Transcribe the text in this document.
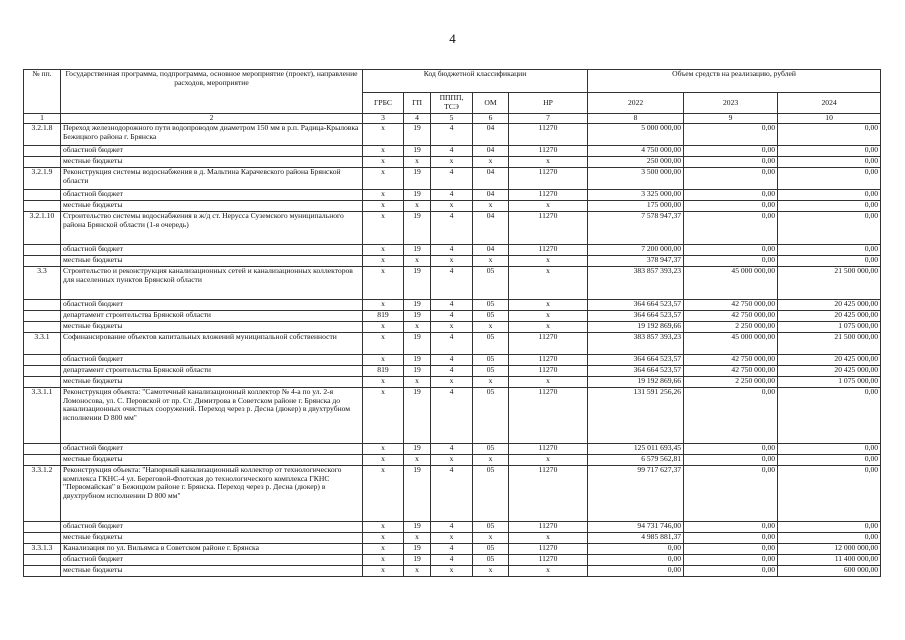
4
№ пп.	Государственная программа, подпрограмма, основное мероприятие (проект), направление расходов, мероприятие	Код бюджетной классификации					Объем средств на реализацию, рублей		
		ГРБС	ГП	ПППП, ТСЭ	ОМ	НР	2022	2023	2024
1	2	3	4	5	6	7	8	9	10
3.2.1.8	Переход железнодорожного пути водопроводом диаметром 150 мм в р.п. Радица-Крыловка Бежицкого района г. Брянска	x	19	4	04	11270	5 000 000,00	0,00	0,00
	областной бюджет	x	19	4	04	11270	4 750 000,00	0,00	0,00
	местные бюджеты	x	x	x	x	x	250 000,00	0,00	0,00
3.2.1.9	Реконструкция системы водоснабжения в д. Мальтина Карачевского района Брянской области	x	19	4	04	11270	3 500 000,00	0,00	0,00
	областной бюджет	x	19	4	04	11270	3 325 000,00	0,00	0,00
	местные бюджеты	x	x	x	x	x	175 000,00	0,00	0,00
3.2.1.10	Строительство системы водоснабжения в ж/д ст. Нерусса Суземского муниципального района Брянской области (1-я очередь)	x	19	4	04	11270	7 578 947,37	0,00	0,00
	областной бюджет	x	19	4	04	11270	7 200 000,00	0,00	0,00
	местные бюджеты	x	x	x	x	x	378 947,37	0,00	0,00
3.3	Строительство и реконструкция канализационных сетей и канализационных коллекторов для населенных пунктов Брянской области	x	19	4	05	x	383 857 393,23	45 000 000,00	21 500 000,00
	областной бюджет	x	19	4	05	x	364 664 523,57	42 750 000,00	20 425 000,00
	департамент строительства Брянской области	819	19	4	05	x	364 664 523,57	42 750 000,00	20 425 000,00
	местные бюджеты	x	x	x	x	x	19 192 869,66	2 250 000,00	1 075 000,00
3.3.1	Софинансирование объектов капитальных вложений муниципальной собственности	x	19	4	05	11270	383 857 393,23	45 000 000,00	21 500 000,00
	областной бюджет	x	19	4	05	11270	364 664 523,57	42 750 000,00	20 425 000,00
	департамент строительства Брянской области	819	19	4	05	11270	364 664 523,57	42 750 000,00	20 425 000,00
	местные бюджеты	x	x	x	x	x	19 192 869,66	2 250 000,00	1 075 000,00
3.3.1.1	Реконструкция объекта: "Самотечный канализационный коллектор № 4-а по ул. 2-я Ломоносова, ул. С. Перовской от пр. Ст. Димитрова в Советском районе г. Брянска до канализационных очистных сооружений. Переход через р. Десна (дюкер) в двухтрубном исполнении D 800 мм"	x	19	4	05	11270	131 591 256,26	0,00	0,00
	областной бюджет	x	19	4	05	11270	125 011 693,45	0,00	0,00
	местные бюджеты	x	x	x	x	x	6 579 562,81	0,00	0,00
3.3.1.2	Реконструкция объекта: "Напорный канализационный коллектор от технологического комплекса ГКНС-4 ул. Береговой-Флотская до технологического комплекса ГКНС "Первомайская" в Бежицком районе г. Брянска. Переход через р. Десна (дюкер) в двухтрубном исполнении D 800 мм"	x	19	4	05	11270	99 717 627,37	0,00	0,00
	областной бюджет	x	19	4	05	11270	94 731 746,00	0,00	0,00
	местные бюджеты	x	x	x	x	x	4 985 881,37	0,00	0,00
3.3.1.3	Канализация по ул. Вильямса в Советском районе г. Брянска	x	19	4	05	11270	0,00	0,00	12 000 000,00
	областной бюджет	x	19	4	05	11270	0,00	0,00	11 400 000,00
	местные бюджеты	x	x	x	x	x	0,00	0,00	600 000,00
